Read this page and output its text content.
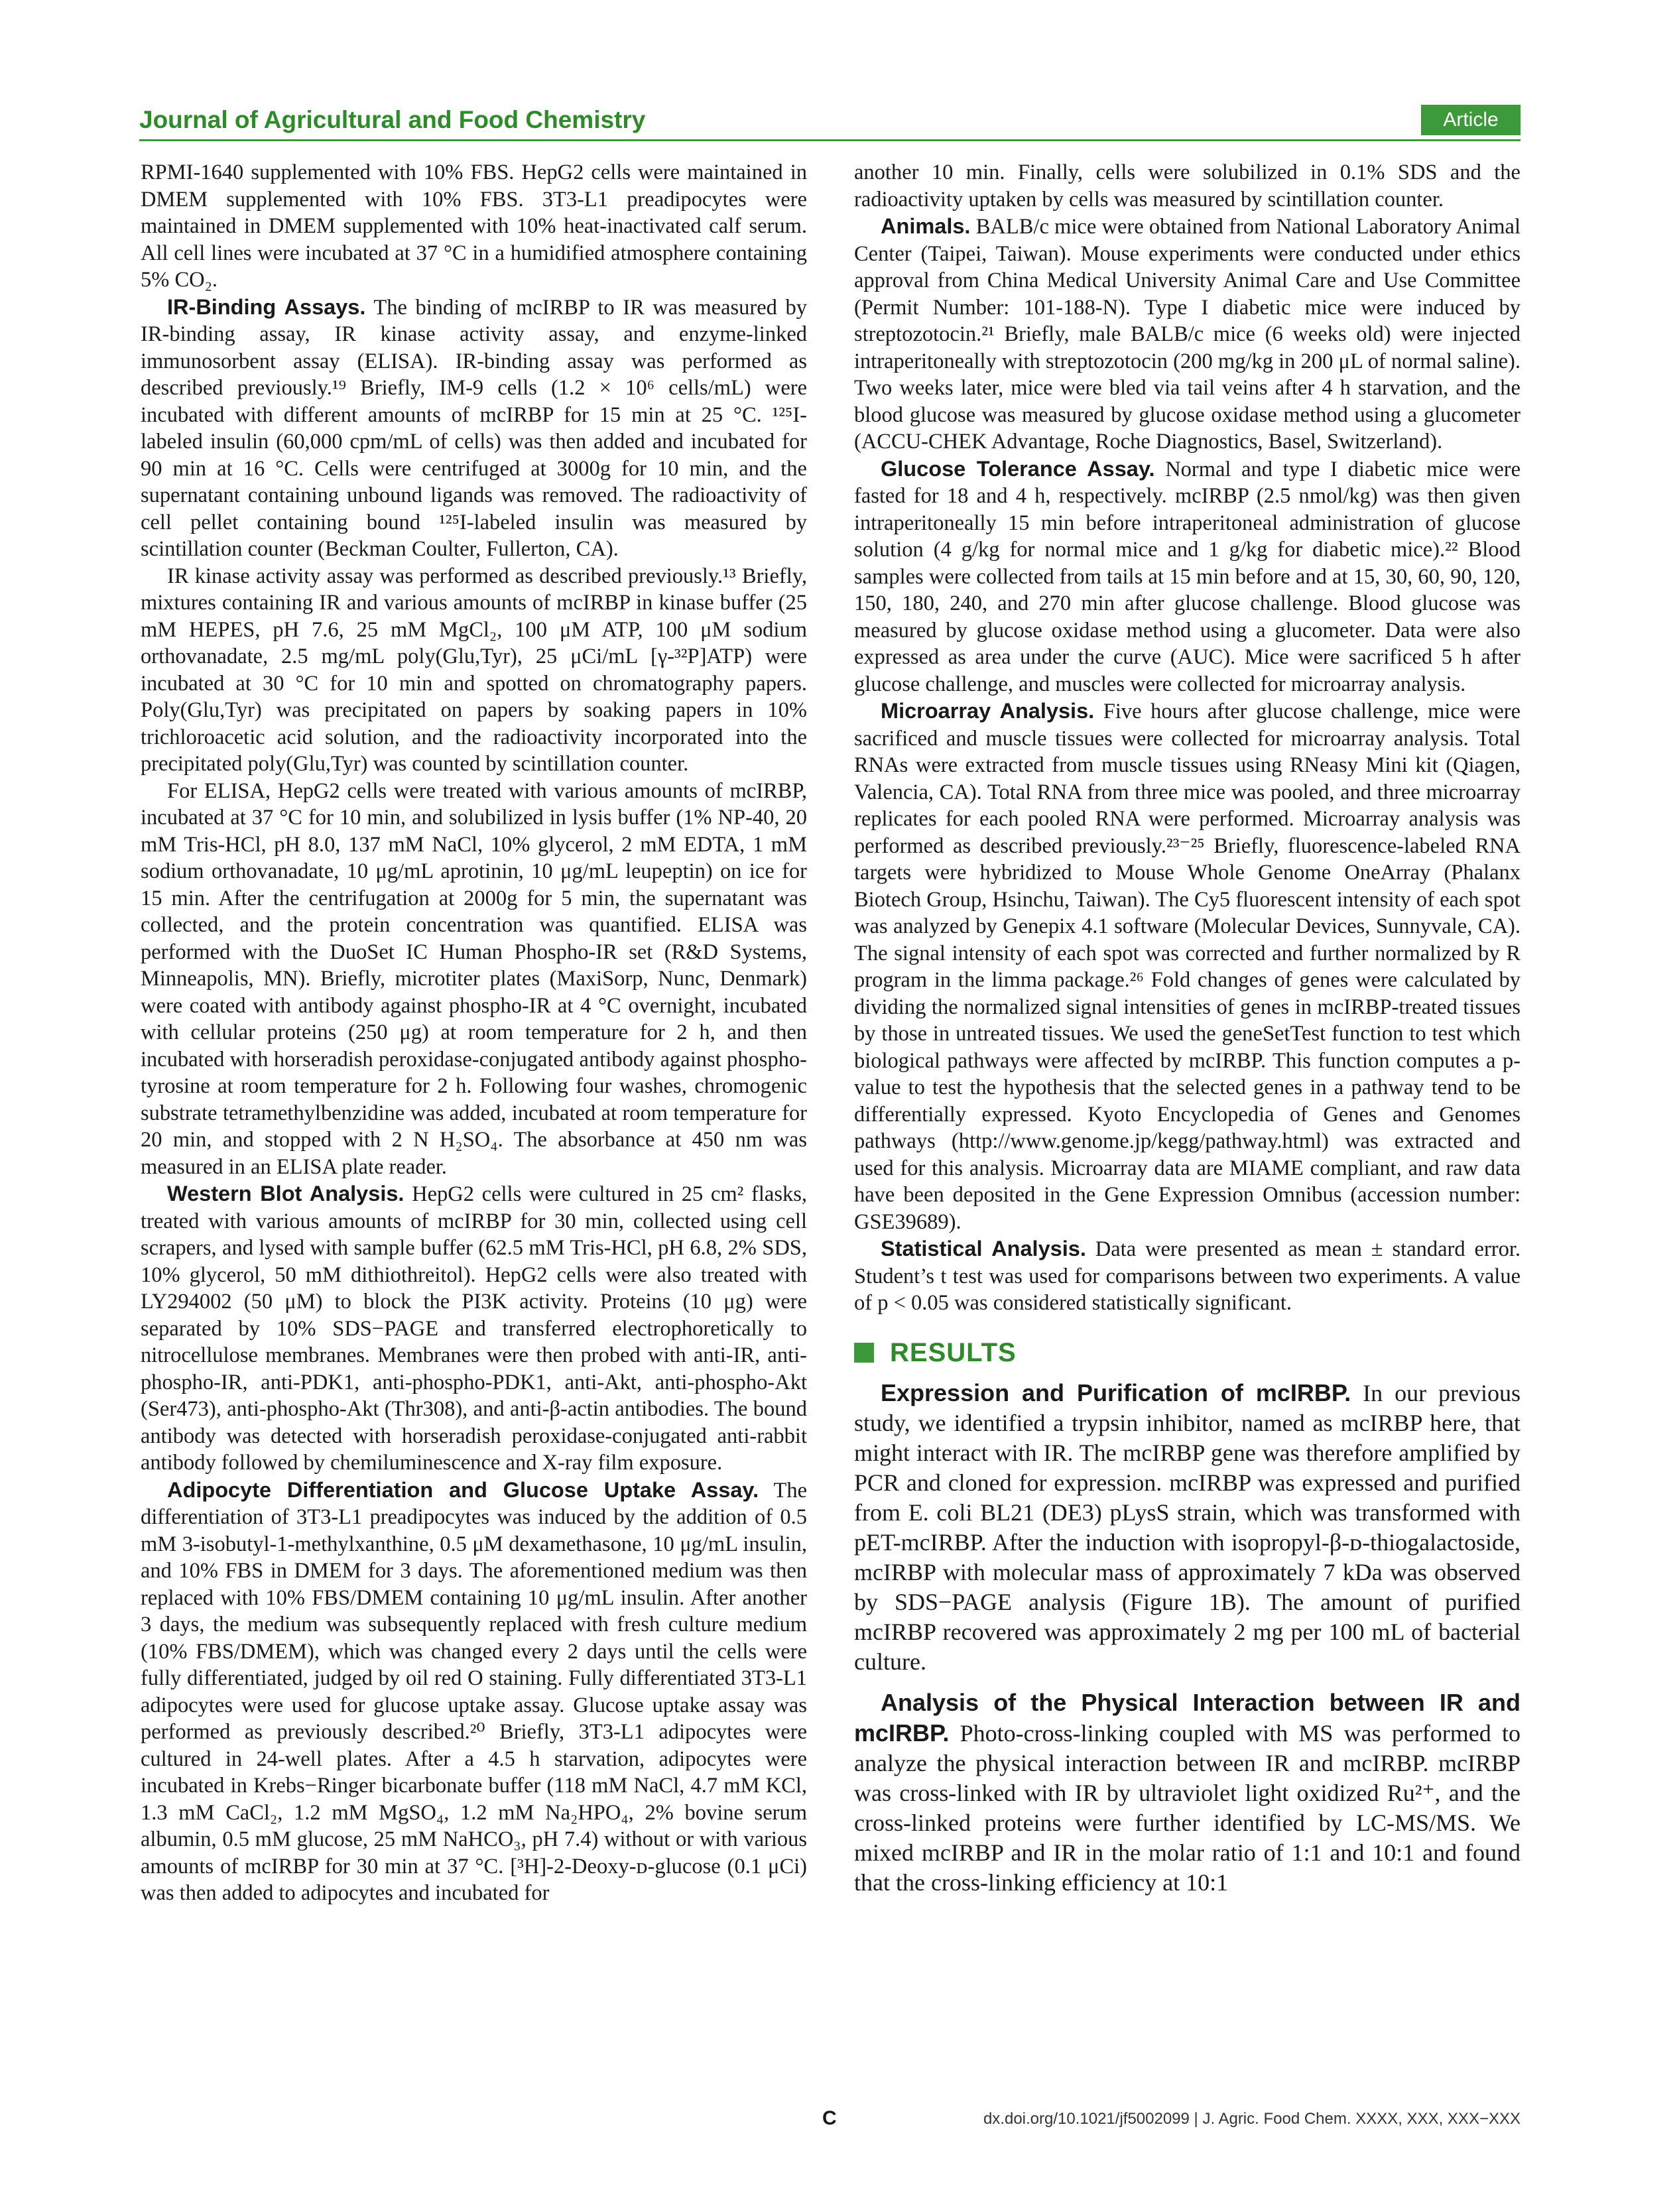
Journal of Agricultural and Food Chemistry	Article

RPMI-1640 supplemented with 10% FBS. HepG2 cells were maintained in DMEM supplemented with 10% FBS. 3T3-L1 preadipocytes were maintained in DMEM supplemented with 10% heat-inactivated calf serum. All cell lines were incubated at 37 °C in a humidified atmosphere containing 5% CO₂.

IR-Binding Assays. The binding of mcIRBP to IR was measured by IR-binding assay, IR kinase activity assay, and enzyme-linked immunosorbent assay (ELISA). IR-binding assay was performed as described previously.¹⁹ Briefly, IM-9 cells (1.2 × 10⁶ cells/mL) were incubated with different amounts of mcIRBP for 15 min at 25 °C. ¹²⁵I-labeled insulin (60,000 cpm/mL of cells) was then added and incubated for 90 min at 16 °C. Cells were centrifuged at 3000g for 10 min, and the supernatant containing unbound ligands was removed. The radioactivity of cell pellet containing bound ¹²⁵I-labeled insulin was measured by scintillation counter (Beckman Coulter, Fullerton, CA).

IR kinase activity assay was performed as described previously.¹³ Briefly, mixtures containing IR and various amounts of mcIRBP in kinase buffer (25 mM HEPES, pH 7.6, 25 mM MgCl₂, 100 μM ATP, 100 μM sodium orthovanadate, 2.5 mg/mL poly(Glu,Tyr), 25 μCi/mL [γ-³²P]ATP) were incubated at 30 °C for 10 min and spotted on chromatography papers. Poly(Glu,Tyr) was precipitated on papers by soaking papers in 10% trichloroacetic acid solution, and the radioactivity incorporated into the precipitated poly(Glu,Tyr) was counted by scintillation counter.

For ELISA, HepG2 cells were treated with various amounts of mcIRBP, incubated at 37 °C for 10 min, and solubilized in lysis buffer (1% NP-40, 20 mM Tris-HCl, pH 8.0, 137 mM NaCl, 10% glycerol, 2 mM EDTA, 1 mM sodium orthovanadate, 10 μg/mL aprotinin, 10 μg/mL leupeptin) on ice for 15 min. After the centrifugation at 2000g for 5 min, the supernatant was collected, and the protein concentration was quantified. ELISA was performed with the DuoSet IC Human Phospho-IR set (R&D Systems, Minneapolis, MN). Briefly, microtiter plates (MaxiSorp, Nunc, Denmark) were coated with antibody against phospho-IR at 4 °C overnight, incubated with cellular proteins (250 μg) at room temperature for 2 h, and then incubated with horseradish peroxidase-conjugated antibody against phospho-tyrosine at room temperature for 2 h. Following four washes, chromogenic substrate tetramethylbenzidine was added, incubated at room temperature for 20 min, and stopped with 2 N H₂SO₄. The absorbance at 450 nm was measured in an ELISA plate reader.

Western Blot Analysis. HepG2 cells were cultured in 25 cm² flasks, treated with various amounts of mcIRBP for 30 min, collected using cell scrapers, and lysed with sample buffer (62.5 mM Tris-HCl, pH 6.8, 2% SDS, 10% glycerol, 50 mM dithiothreitol). HepG2 cells were also treated with LY294002 (50 μM) to block the PI3K activity. Proteins (10 μg) were separated by 10% SDS−PAGE and transferred electrophoretically to nitrocellulose membranes. Membranes were then probed with anti-IR, anti-phospho-IR, anti-PDK1, anti-phospho-PDK1, anti-Akt, anti-phospho-Akt (Ser473), anti-phospho-Akt (Thr308), and anti-β-actin antibodies. The bound antibody was detected with horseradish peroxidase-conjugated anti-rabbit antibody followed by chemiluminescence and X-ray film exposure.

Adipocyte Differentiation and Glucose Uptake Assay. The differentiation of 3T3-L1 preadipocytes was induced by the addition of 0.5 mM 3-isobutyl-1-methylxanthine, 0.5 μM dexamethasone, 10 μg/mL insulin, and 10% FBS in DMEM for 3 days. The aforementioned medium was then replaced with 10% FBS/DMEM containing 10 μg/mL insulin. After another 3 days, the medium was subsequently replaced with fresh culture medium (10% FBS/DMEM), which was changed every 2 days until the cells were fully differentiated, judged by oil red O staining. Fully differentiated 3T3-L1 adipocytes were used for glucose uptake assay. Glucose uptake assay was performed as previously described.²⁰ Briefly, 3T3-L1 adipocytes were cultured in 24-well plates. After a 4.5 h starvation, adipocytes were incubated in Krebs−Ringer bicarbonate buffer (118 mM NaCl, 4.7 mM KCl, 1.3 mM CaCl₂, 1.2 mM MgSO₄, 1.2 mM Na₂HPO₄, 2% bovine serum albumin, 0.5 mM glucose, 25 mM NaHCO₃, pH 7.4) without or with various amounts of mcIRBP for 30 min at 37 °C. [³H]-2-Deoxy-ᴅ-glucose (0.1 μCi) was then added to adipocytes and incubated for

another 10 min. Finally, cells were solubilized in 0.1% SDS and the radioactivity uptaken by cells was measured by scintillation counter.

Animals. BALB/c mice were obtained from National Laboratory Animal Center (Taipei, Taiwan). Mouse experiments were conducted under ethics approval from China Medical University Animal Care and Use Committee (Permit Number: 101-188-N). Type I diabetic mice were induced by streptozotocin.²¹ Briefly, male BALB/c mice (6 weeks old) were injected intraperitoneally with streptozotocin (200 mg/kg in 200 μL of normal saline). Two weeks later, mice were bled via tail veins after 4 h starvation, and the blood glucose was measured by glucose oxidase method using a glucometer (ACCU-CHEK Advantage, Roche Diagnostics, Basel, Switzerland).

Glucose Tolerance Assay. Normal and type I diabetic mice were fasted for 18 and 4 h, respectively. mcIRBP (2.5 nmol/kg) was then given intraperitoneally 15 min before intraperitoneal administration of glucose solution (4 g/kg for normal mice and 1 g/kg for diabetic mice).²² Blood samples were collected from tails at 15 min before and at 15, 30, 60, 90, 120, 150, 180, 240, and 270 min after glucose challenge. Blood glucose was measured by glucose oxidase method using a glucometer. Data were also expressed as area under the curve (AUC). Mice were sacrificed 5 h after glucose challenge, and muscles were collected for microarray analysis.

Microarray Analysis. Five hours after glucose challenge, mice were sacrificed and muscle tissues were collected for microarray analysis. Total RNAs were extracted from muscle tissues using RNeasy Mini kit (Qiagen, Valencia, CA). Total RNA from three mice was pooled, and three microarray replicates for each pooled RNA were performed. Microarray analysis was performed as described previously.²³⁻²⁵ Briefly, fluorescence-labeled RNA targets were hybridized to Mouse Whole Genome OneArray (Phalanx Biotech Group, Hsinchu, Taiwan). The Cy5 fluorescent intensity of each spot was analyzed by Genepix 4.1 software (Molecular Devices, Sunnyvale, CA). The signal intensity of each spot was corrected and further normalized by R program in the limma package.²⁶ Fold changes of genes were calculated by dividing the normalized signal intensities of genes in mcIRBP-treated tissues by those in untreated tissues. We used the geneSetTest function to test which biological pathways were affected by mcIRBP. This function computes a p-value to test the hypothesis that the selected genes in a pathway tend to be differentially expressed. Kyoto Encyclopedia of Genes and Genomes pathways (http://www.genome.jp/kegg/pathway.html) was extracted and used for this analysis. Microarray data are MIAME compliant, and raw data have been deposited in the Gene Expression Omnibus (accession number: GSE39689).

Statistical Analysis. Data were presented as mean ± standard error. Student’s t test was used for comparisons between two experiments. A value of p < 0.05 was considered statistically significant.

RESULTS

Expression and Purification of mcIRBP. In our previous study, we identified a trypsin inhibitor, named as mcIRBP here, that might interact with IR. The mcIRBP gene was therefore amplified by PCR and cloned for expression. mcIRBP was expressed and purified from E. coli BL21 (DE3) pLysS strain, which was transformed with pET-mcIRBP. After the induction with isopropyl-β-ᴅ-thiogalactoside, mcIRBP with molecular mass of approximately 7 kDa was observed by SDS−PAGE analysis (Figure 1B). The amount of purified mcIRBP recovered was approximately 2 mg per 100 mL of bacterial culture.

Analysis of the Physical Interaction between IR and mcIRBP. Photo-cross-linking coupled with MS was performed to analyze the physical interaction between IR and mcIRBP. mcIRBP was cross-linked with IR by ultraviolet light oxidized Ru²⁺, and the cross-linked proteins were further identified by LC-MS/MS. We mixed mcIRBP and IR in the molar ratio of 1:1 and 10:1 and found that the cross-linking efficiency at 10:1

C	dx.doi.org/10.1021/jf5002099 | J. Agric. Food Chem. XXXX, XXX, XXX−XXX
